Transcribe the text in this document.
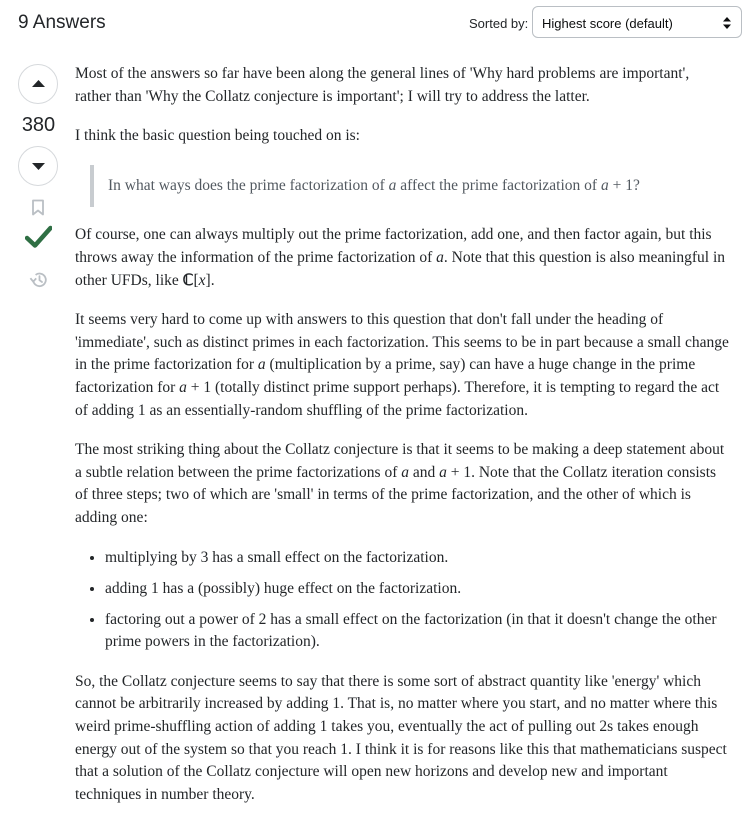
9 Answers	Sorted by: Highest score (default)
380

Most of the answers so far have been along the general lines of 'Why hard problems are important', rather than 'Why the Collatz conjecture is important'; I will try to address the latter.

I think the basic question being touched on is:

In what ways does the prime factorization of a affect the prime factorization of a + 1?

Of course, one can always multiply out the prime factorization, add one, and then factor again, but this throws away the information of the prime factorization of a. Note that this question is also meaningful in other UFDs, like ℂ[x].

It seems very hard to come up with answers to this question that don't fall under the heading of 'immediate', such as distinct primes in each factorization. This seems to be in part because a small change in the prime factorization for a (multiplication by a prime, say) can have a huge change in the prime factorization for a + 1 (totally distinct prime support perhaps). Therefore, it is tempting to regard the act of adding 1 as an essentially-random shuffling of the prime factorization.

The most striking thing about the Collatz conjecture is that it seems to be making a deep statement about a subtle relation between the prime factorizations of a and a + 1. Note that the Collatz iteration consists of three steps; two of which are 'small' in terms of the prime factorization, and the other of which is adding one:

• multiplying by 3 has a small effect on the factorization.
• adding 1 has a (possibly) huge effect on the factorization.
• factoring out a power of 2 has a small effect on the factorization (in that it doesn't change the other prime powers in the factorization).

So, the Collatz conjecture seems to say that there is some sort of abstract quantity like 'energy' which cannot be arbitrarily increased by adding 1. That is, no matter where you start, and no matter where this weird prime-shuffling action of adding 1 takes you, eventually the act of pulling out 2s takes enough energy out of the system so that you reach 1. I think it is for reasons like this that mathematicians suspect that a solution of the Collatz conjecture will open new horizons and develop new and important techniques in number theory.
